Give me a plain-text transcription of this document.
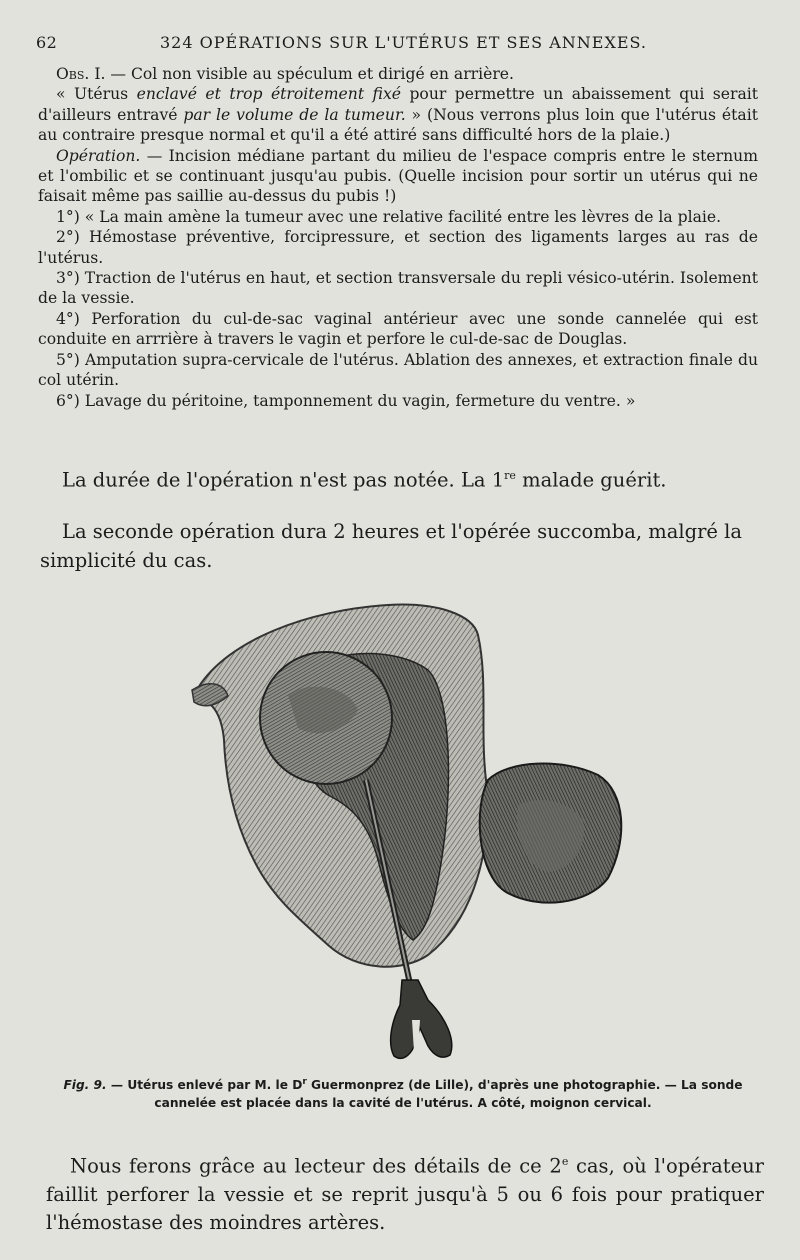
62	324 OPÉRATIONS SUR L'UTÉRUS ET SES ANNEXES.

Obs. I. — Col non visible au spéculum et dirigé en arrière.

« Utérus enclavé et trop étroitement fixé pour permettre un abaissement qui serait d'ailleurs entravé par le volume de la tumeur. » (Nous verrons plus loin que l'utérus était au contraire presque normal et qu'il a été attiré sans difficulté hors de la plaie.)

Opération. — Incision médiane partant du milieu de l'espace compris entre le sternum et l'ombilic et se continuant jusqu'au pubis. (Quelle incision pour sortir un utérus qui ne faisait même pas saillie au-dessus du pubis !)

1°) « La main amène la tumeur avec une relative facilité entre les lèvres de la plaie.

2°) Hémostase préventive, forcipressure, et section des ligaments larges au ras de l'utérus.

3°) Traction de l'utérus en haut, et section transversale du repli vésico-utérin. Isolement de la vessie.

4°) Perforation du cul-de-sac vaginal antérieur avec une sonde cannelée qui est conduite en arrrière à travers le vagin et perfore le cul-de-sac de Douglas.

5°) Amputation supra-cervicale de l'utérus. Ablation des annexes, et extraction finale du col utérin.

6°) Lavage du péritoine, tamponnement du vagin, fermeture du ventre. »

La durée de l'opération n'est pas notée. La 1re malade guérit.

La seconde opération dura 2 heures et l'opérée succomba, malgré la simplicité du cas.

Fig. 9. — Utérus enlevé par M. le $D^r$ Guermonprez (de Lille), d'après une photographie. — La sonde cannelée est placée dans la cavité de l'utérus. A côté, moignon cervical.

Nous ferons grâce au lecteur des détails de ce 2e cas, où l'opérateur faillit perforer la vessie et se reprit jusqu'à 5 ou 6 fois pour pratiquer l'hémostase des moindres artères.
